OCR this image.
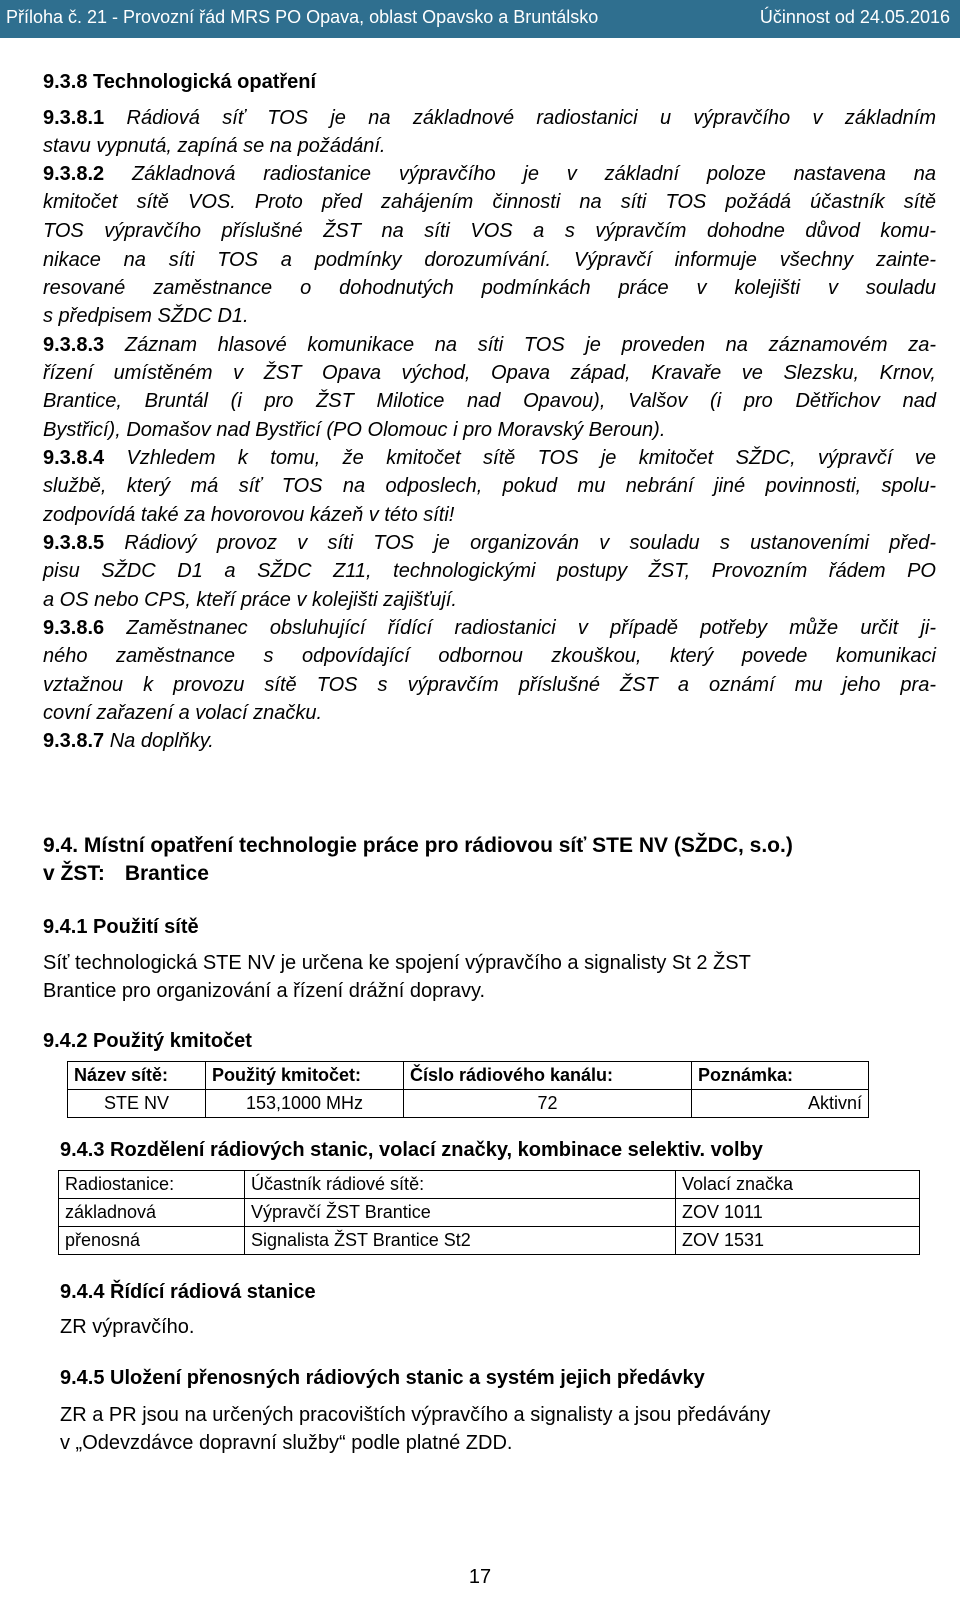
Příloha č. 21 - Provozní řád MRS PO Opava, oblast Opavsko a Bruntálsko	Účinnost od 24.05.2016
9.3.8 Technologická opatření
9.3.8.1 Rádiová síť TOS je na základnové radiostanici u výpravčího v základním
stavu vypnutá, zapíná se na požádání.
9.3.8.2 Základnová radiostanice výpravčího je v základní poloze nastavena na
kmitočet sítě VOS. Proto před zahájením činnosti na síti TOS požádá účastník sítě
TOS výpravčího příslušné ŽST na síti VOS a s výpravčím dohodne důvod komu-
nikace na síti TOS a podmínky dorozumívání. Výpravčí informuje všechny zainte-
resované zaměstnance o dohodnutých podmínkách práce v kolejišti v souladu
s předpisem SŽDC D1.
9.3.8.3 Záznam hlasové komunikace na síti TOS je proveden na záznamovém za-
řízení umístěném v ŽST Opava východ, Opava západ, Kravaře ve Slezsku, Krnov,
Brantice, Bruntál (i pro ŽST Milotice nad Opavou), Valšov (i pro Dětřichov nad
Bystřicí), Domašov nad Bystřicí (PO Olomouc i pro Moravský Beroun).
9.3.8.4 Vzhledem k tomu, že kmitočet sítě TOS je kmitočet SŽDC, výpravčí ve
službě, který má síť TOS na odposlech, pokud mu nebrání jiné povinnosti, spolu-
zodpovídá také za hovorovou kázeň v této síti!
9.3.8.5 Rádiový provoz v síti TOS je organizován v souladu s ustanoveními před-
pisu SŽDC D1 a SŽDC Z11, technologickými postupy ŽST, Provozním řádem PO
a OS nebo CPS, kteří práce v kolejišti zajišťují.
9.3.8.6 Zaměstnanec obsluhující řídící radiostanici v případě potřeby může určit ji-
ného zaměstnance s odpovídající odbornou zkouškou, který povede komunikaci
vztažnou k provozu sítě TOS s výpravčím příslušné ŽST a oznámí mu jeho pra-
covní zařazení a volací značku.
9.3.8.7 Na doplňky.
9.4. Místní opatření technologie práce pro rádiovou síť STE NV (SŽDC, s.o.)
v ŽST: Brantice
9.4.1 Použití sítě
Síť technologická STE NV je určena ke spojení výpravčího a signalisty St 2 ŽST
Brantice pro organizování a řízení drážní dopravy.
9.4.2 Použitý kmitočet
Název sítě:	Použitý kmitočet:	Číslo rádiového kanálu:	Poznámka:
STE NV	153,1000 MHz	72	Aktivní
9.4.3 Rozdělení rádiových stanic, volací značky, kombinace selektiv. volby
Radiostanice:	Účastník rádiové sítě:	Volací značka
základnová	Výpravčí ŽST Brantice	ZOV 1011
přenosná	Signalista ŽST Brantice St2	ZOV 1531
9.4.4 Řídící rádiová stanice
ZR výpravčího.
9.4.5 Uložení přenosných rádiových stanic a systém jejich předávky
ZR a PR jsou na určených pracovištích výpravčího a signalisty a jsou předávány
v „Odevzdávce dopravní služby“ podle platné ZDD.
17
